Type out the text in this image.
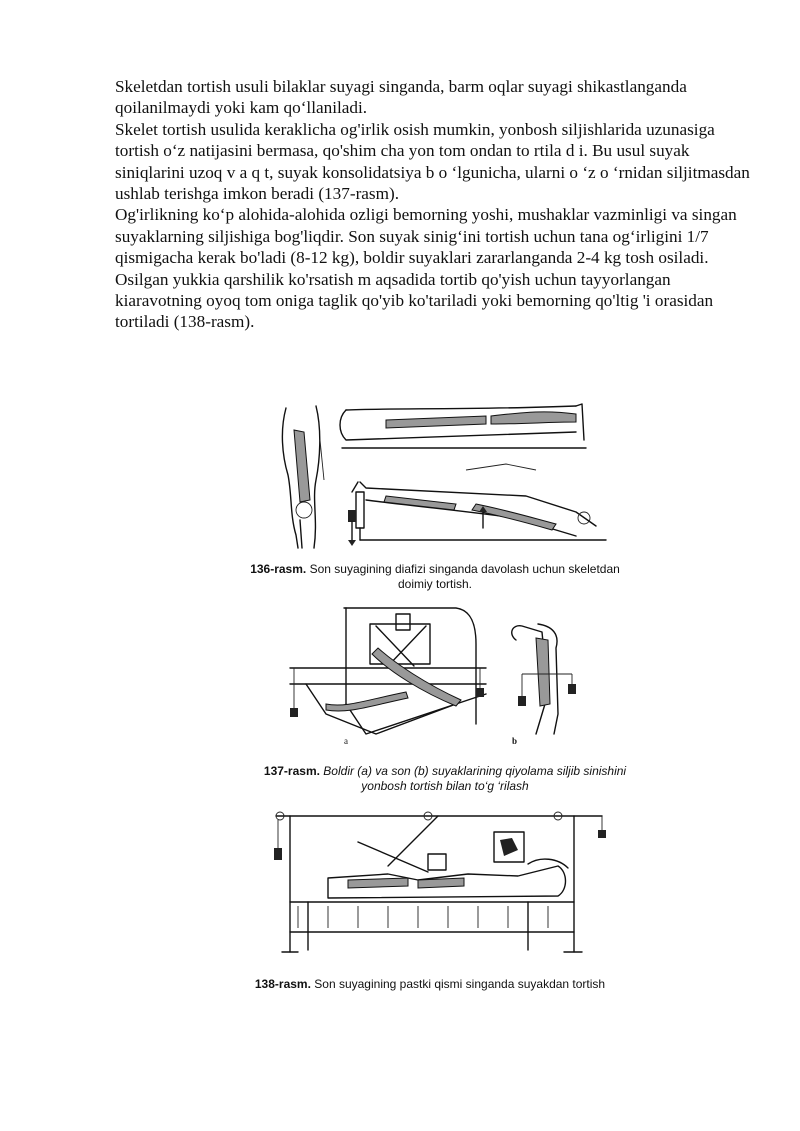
Skeletdan tortish usuli bilaklar suyagi singanda, barm oqlar suyagi shikastlanganda qoilanilmaydi yoki kam qo‘llaniladi.

Skelet tortish usulida keraklicha og'irlik osish mumkin, yonbosh siljishlarida uzunasiga tortish o‘z natijasini bermasa, qo'shim cha yon tom ondan to rtila d i. Bu usul suyak siniqlarini uzoq v a q t, suyak konsolidatsiya b o ‘lgunicha, ularni o ‘z o ‘rnidan siljitmasdan ushlab terishga imkon beradi (137-rasm).

Og'irlikning ko‘p alohida-alohida ozligi bemorning yoshi, mushaklar vazminligi va singan suyaklarning siljishiga bog'liqdir. Son suyak sinig‘ini tortish uchun tana og‘irligini 1/7 qismigacha kerak bo'ladi (8-12 kg), boldir suyaklari zararlanganda 2-4 kg tosh osiladi. Osilgan yukkia qarshilik ko'rsatish m aqsadida tortib qo'yish uchun tayyorlangan kiaravotning oyoq tom oniga taglik qo'yib ko'tariladi yoki bemorning qo'ltig 'i orasidan tortiladi (138-rasm).

136-rasm. Son suyagining diafizi singanda davolash uchun skeletdan
doimiy tortish.
a	b
137-rasm. Boldir (a) va son (b) suyaklarining qiyolama siljib sinishini
yonbosh tortish bilan to‘g ‘rilash
138-rasm. Son suyagining pastki qismi singanda suyakdan tortish
